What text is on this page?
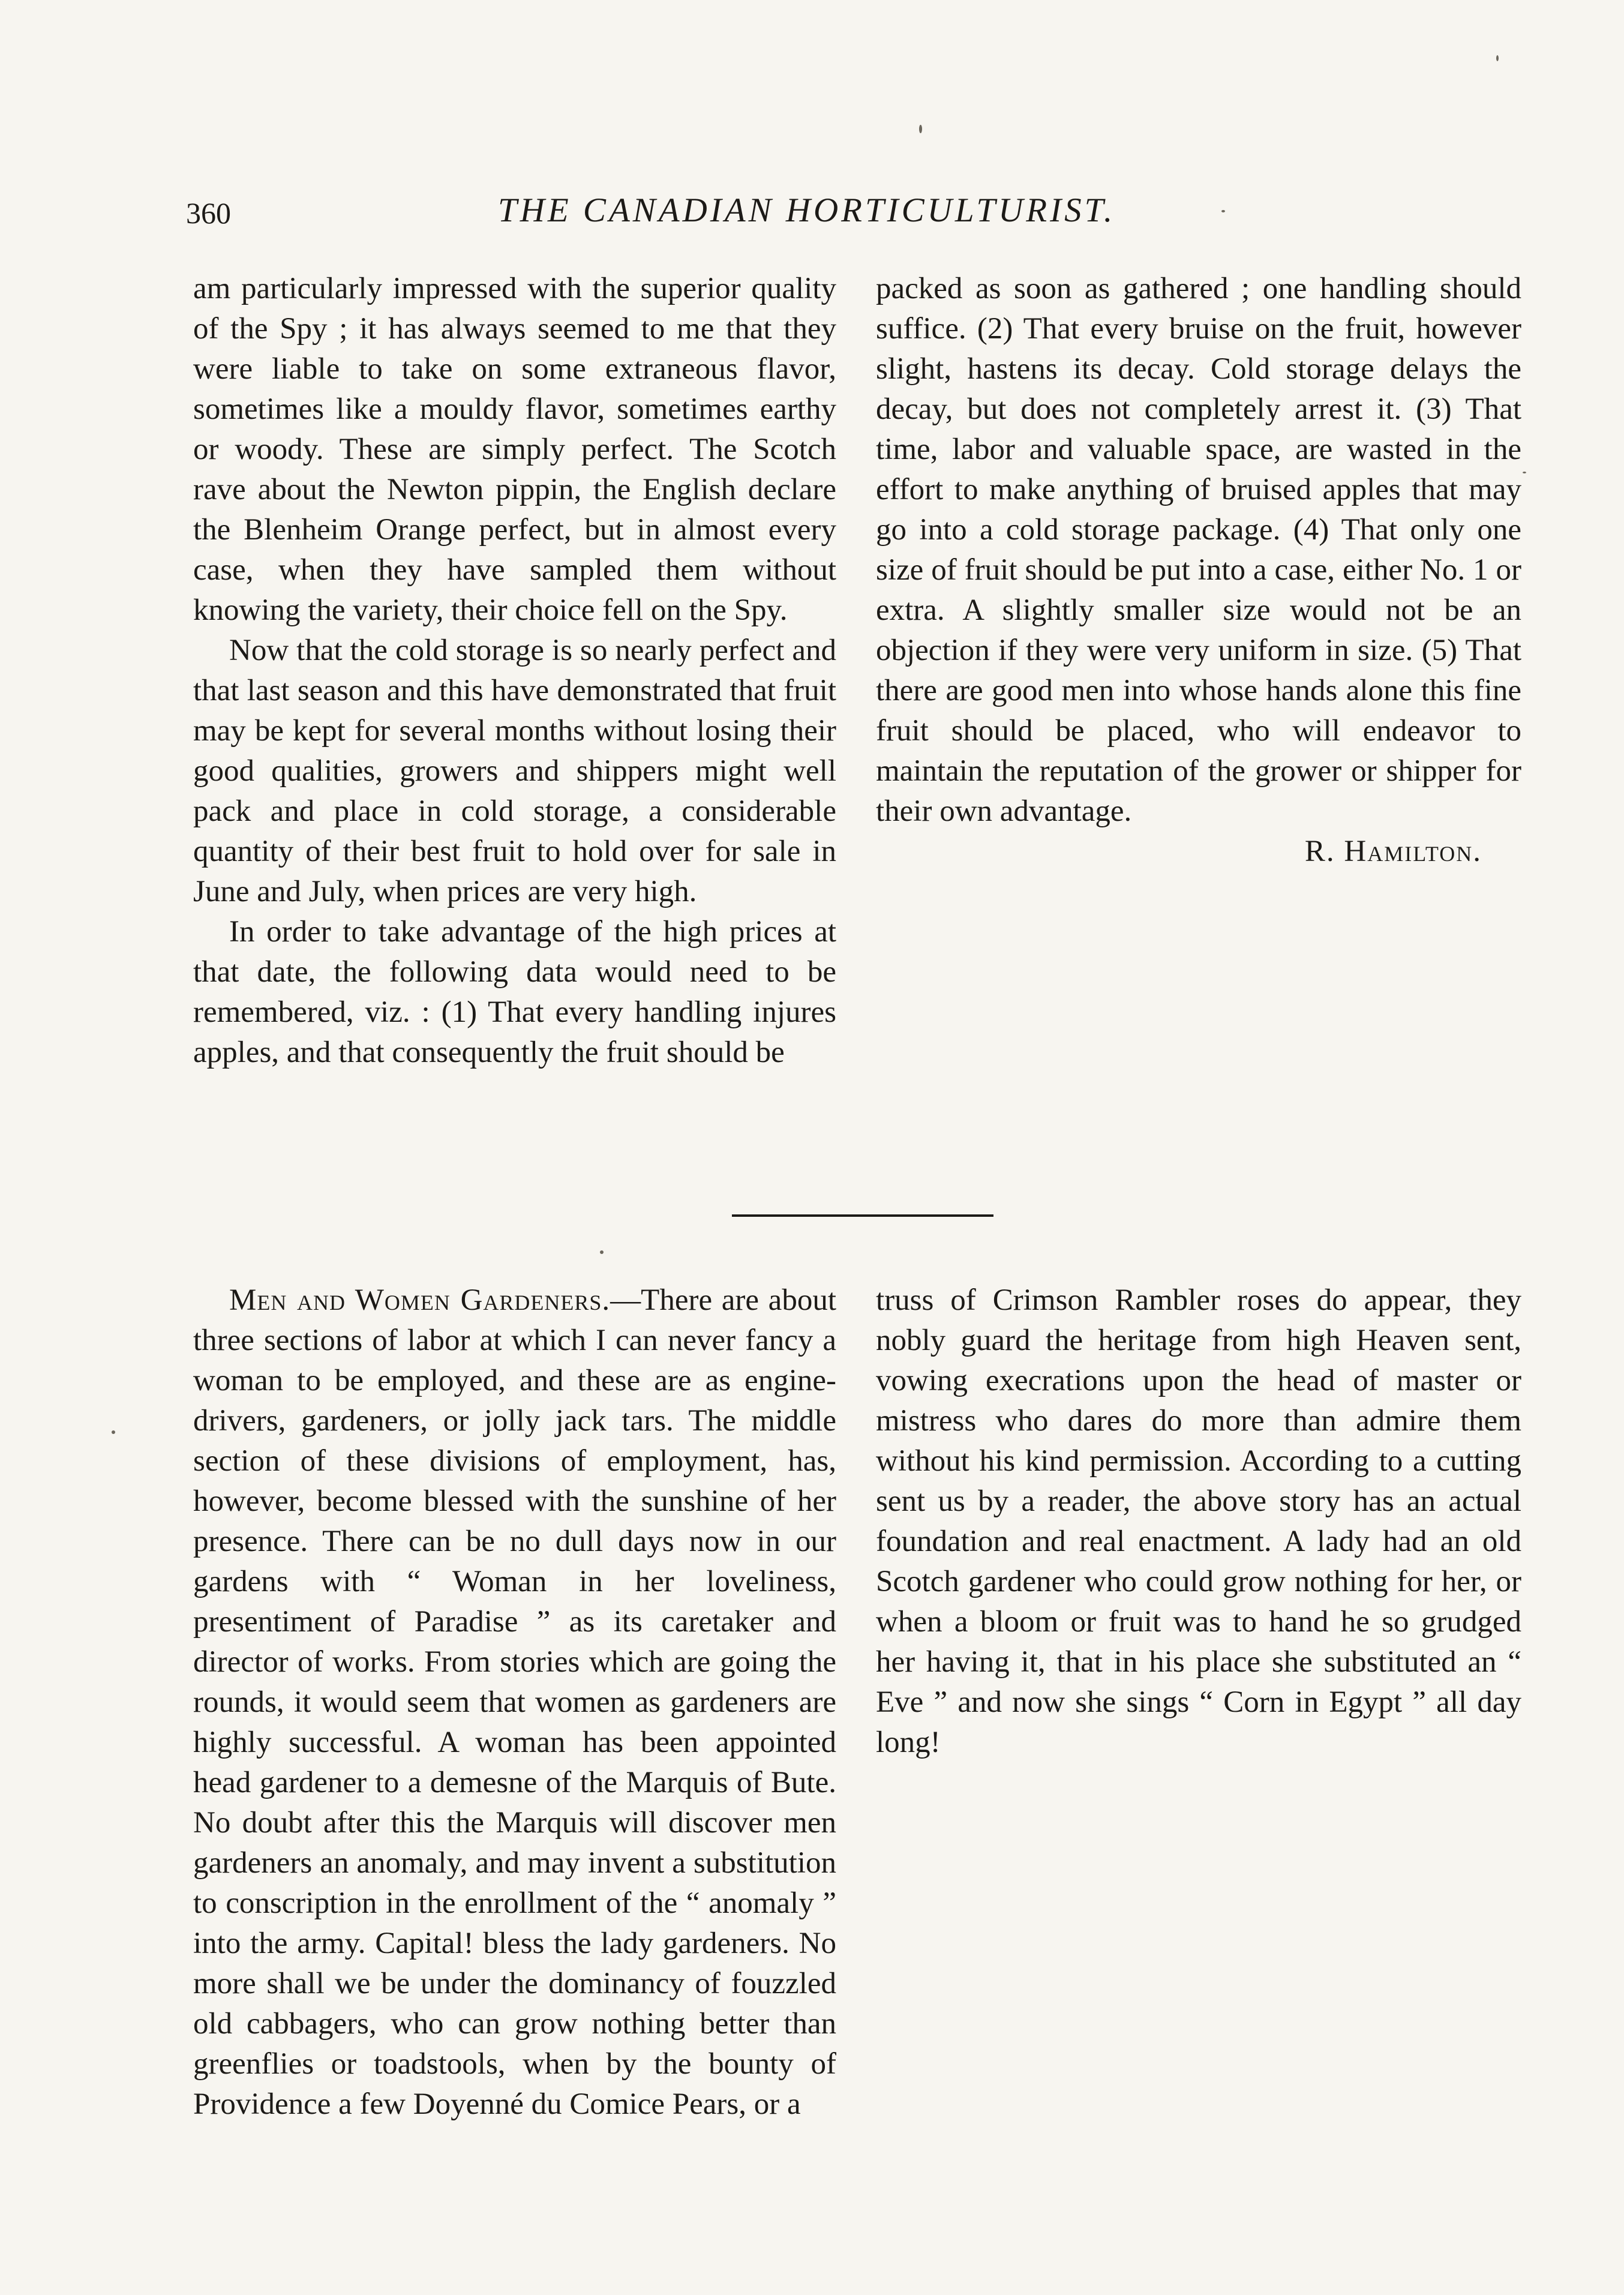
360	THE CANADIAN HORTICULTURIST.

am particularly impressed with the superior quality of the Spy ; it has always seemed to me that they were liable to take on some extraneous flavor, sometimes like a mouldy flavor, sometimes earthy or woody. These are simply perfect. The Scotch rave about the Newton pippin, the English declare the Blenheim Orange perfect, but in almost every case, when they have sampled them without knowing the variety, their choice fell on the Spy.

Now that the cold storage is so nearly perfect and that last season and this have demonstrated that fruit may be kept for several months without losing their good qualities, growers and shippers might well pack and place in cold storage, a considerable quantity of their best fruit to hold over for sale in June and July, when prices are very high.

In order to take advantage of the high prices at that date, the following data would need to be remembered, viz. : (1) That every handling injures apples, and that consequently the fruit should be

packed as soon as gathered ; one handling should suffice. (2) That every bruise on the fruit, however slight, hastens its decay. Cold storage delays the decay, but does not completely arrest it. (3) That time, labor and valuable space, are wasted in the effort to make anything of bruised apples that may go into a cold storage package. (4) That only one size of fruit should be put into a case, either No. 1 or extra. A slightly smaller size would not be an objection if they were very uniform in size. (5) That there are good men into whose hands alone this fine fruit should be placed, who will endeavor to maintain the reputation of the grower or shipper for their own advantage.

R. Hamilton.

Men and Women Gardeners.—There are about three sections of labor at which I can never fancy a woman to be employed, and these are as engine-drivers, gardeners, or jolly jack tars. The middle section of these divisions of employment, has, however, become blessed with the sunshine of her presence. There can be no dull days now in our gardens with “ Woman in her loveliness, presentiment of Paradise ” as its caretaker and director of works. From stories which are going the rounds, it would seem that women as gardeners are highly successful. A woman has been appointed head gardener to a demesne of the Marquis of Bute. No doubt after this the Marquis will discover men gardeners an anomaly, and may invent a substitution to conscription in the enrollment of the “ anomaly ” into the army. Capital! bless the lady gardeners. No more shall we be under the dominancy of fouzzled old cabbagers, who can grow nothing better than greenflies or toadstools, when by the bounty of Providence a few Doyenné du Comice Pears, or a

truss of Crimson Rambler roses do appear, they nobly guard the heritage from high Heaven sent, vowing execrations upon the head of master or mistress who dares do more than admire them without his kind permission. According to a cutting sent us by a reader, the above story has an actual foundation and real enactment. A lady had an old Scotch gardener who could grow nothing for her, or when a bloom or fruit was to hand he so grudged her having it, that in his place she substituted an “ Eve ” and now she sings “ Corn in Egypt ” all day long!
